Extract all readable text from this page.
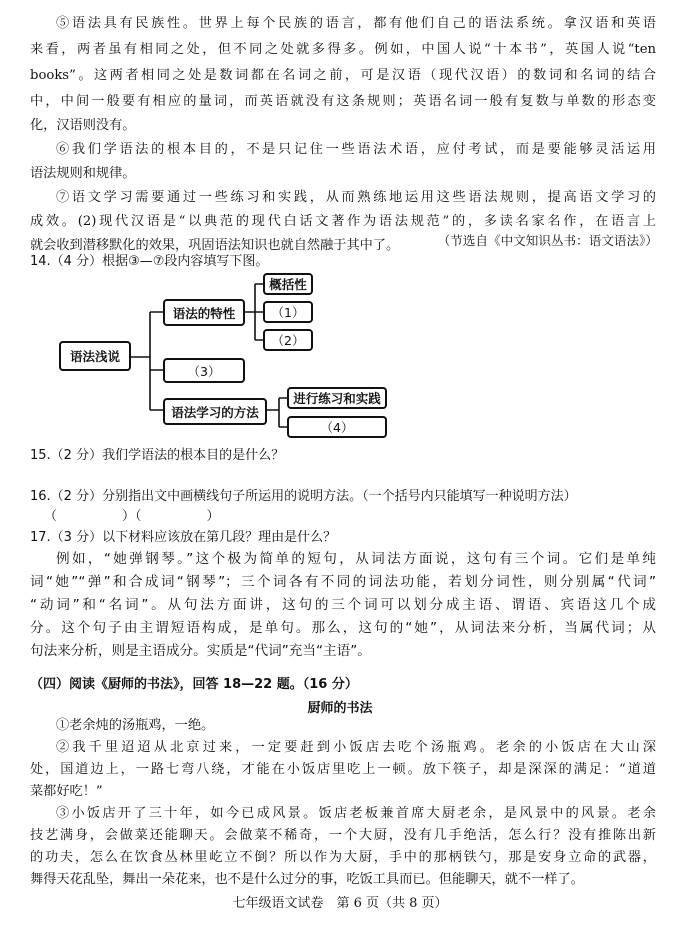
⑤语法具有民族性。世界上每个民族的语言，都有他们自己的语法系统。拿汉语和英语
来看，两者虽有相同之处，但不同之处就多得多。例如，中国人说“十本书”，英国人说“ten
books”。这两者相同之处是数词都在名词之前，可是汉语（现代汉语）的数词和名词的结合
中，中间一般要有相应的量词，而英语就没有这条规则；英语名词一般有复数与单数的形态变
化，汉语则没有。
⑥我们学语法的根本目的，不是只记住一些语法术语，应付考试，而是要能够灵活运用
语法规则和规律。
⑦语文学习需要通过一些练习和实践，从而熟练地运用这些语法规则，提高语文学习的
成效。(2)现代汉语是“以典范的现代白话文著作为语法规范”的，多读名家名作，在语言上
就会收到潜移默化的效果，巩固语法知识也就自然融于其中了。	（节选自《中文知识丛书：语文语法》）
14.（4 分）根据③—⑦段内容填写下图。
语法浅说
语法的特性
概括性
（1）
（2）
（3）
语法学习的方法
进行练习和实践
（4）
15.（2 分）我们学语法的根本目的是什么？
16.（2 分）分别指出文中画横线句子所运用的说明方法。（一个括号内只能填写一种说明方法）
（　　　　　）（　　　　　）
17.（3 分）以下材料应该放在第几段？理由是什么？
例如，“她弹钢琴。”这个极为简单的短句，从词法方面说，这句有三个词。它们是单纯
词“她”“弹”和合成词“钢琴”；三个词各有不同的词法功能，若划分词性，则分别属“代词”
“动词”和“名词”。从句法方面讲，这句的三个词可以划分成主语、谓语、宾语这几个成
分。这个句子由主谓短语构成，是单句。那么，这句的“她”，从词法来分析，当属代词；从
句法来分析，则是主语成分。实质是“代词”充当“主语”。
（四）阅读《厨师的书法》，回答 18—22 题。（16 分）
厨师的书法
①老余炖的汤瓶鸡，一绝。
②我千里迢迢从北京过来，一定要赶到小饭店去吃个汤瓶鸡。老余的小饭店在大山深
处，国道边上，一路七弯八绕，才能在小饭店里吃上一顿。放下筷子，却是深深的满足：“道道
菜都好吃！”
③小饭店开了三十年，如今已成风景。饭店老板兼首席大厨老余，是风景中的风景。老余
技艺满身，会做菜还能聊天。会做菜不稀奇，一个大厨，没有几手绝活，怎么行？没有推陈出新
的功夫，怎么在饮食丛林里屹立不倒？所以作为大厨，手中的那柄铁勺，那是安身立命的武器，
舞得天花乱坠，舞出一朵花来，也不是什么过分的事，吃饭工具而已。但能聊天，就不一样了。
七年级语文试卷　第 6 页（共 8 页）
